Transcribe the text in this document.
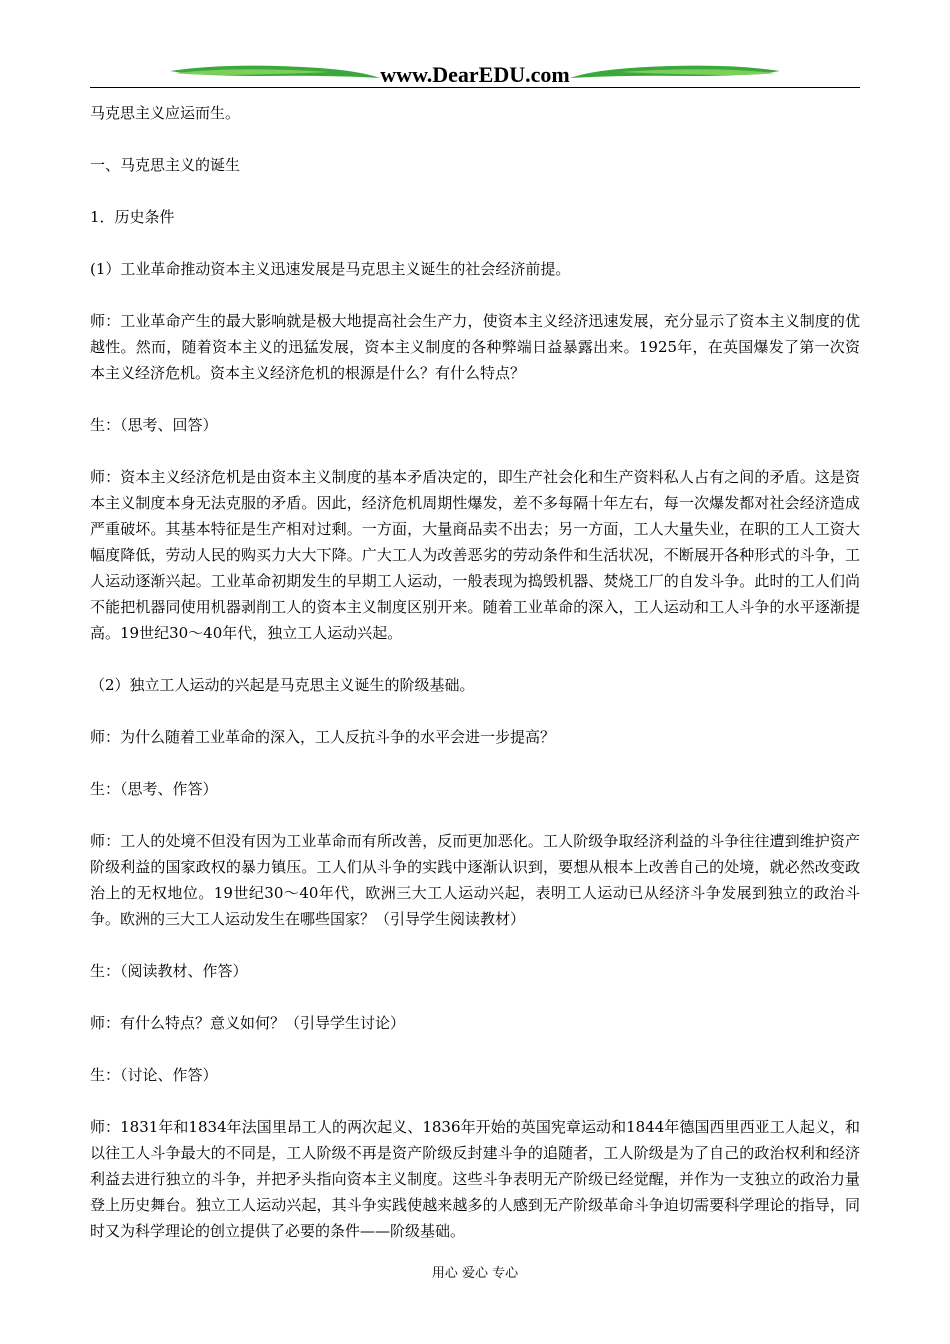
www.DearEDU.com

马克思主义应运而生。

一、马克思主义的诞生

1．历史条件

(1）工业革命推动资本主义迅速发展是马克思主义诞生的社会经济前提。

师：工业革命产生的最大影响就是极大地提高社会生产力，使资本主义经济迅速发展，充分显示了资本主义制度的优越性。然而，随着资本主义的迅猛发展，资本主义制度的各种弊端日益暴露出来。1925年，在英国爆发了第一次资本主义经济危机。资本主义经济危机的根源是什么？有什么特点？

生：（思考、回答）

师：资本主义经济危机是由资本主义制度的基本矛盾决定的，即生产社会化和生产资料私人占有之间的矛盾。这是资本主义制度本身无法克服的矛盾。因此，经济危机周期性爆发，差不多每隔十年左右，每一次爆发都对社会经济造成严重破坏。其基本特征是生产相对过剩。一方面，大量商品卖不出去；另一方面，工人大量失业，在职的工人工资大幅度降低，劳动人民的购买力大大下降。广大工人为改善恶劣的劳动条件和生活状况，不断展开各种形式的斗争，工人运动逐渐兴起。工业革命初期发生的早期工人运动，一般表现为捣毁机器、焚烧工厂的自发斗争。此时的工人们尚不能把机器同使用机器剥削工人的资本主义制度区别开来。随着工业革命的深入，工人运动和工人斗争的水平逐渐提高。19世纪30～40年代，独立工人运动兴起。

（2）独立工人运动的兴起是马克思主义诞生的阶级基础。

师：为什么随着工业革命的深入，工人反抗斗争的水平会进一步提高？

生：（思考、作答）

师：工人的处境不但没有因为工业革命而有所改善，反而更加恶化。工人阶级争取经济利益的斗争往往遭到维护资产阶级利益的国家政权的暴力镇压。工人们从斗争的实践中逐渐认识到，要想从根本上改善自己的处境，就必然改变政治上的无权地位。19世纪30～40年代，欧洲三大工人运动兴起，表明工人运动已从经济斗争发展到独立的政治斗争。欧洲的三大工人运动发生在哪些国家？（引导学生阅读教材）

生：（阅读教材、作答）

师：有什么特点？意义如何？（引导学生讨论）

生：（讨论、作答）

师：1831年和1834年法国里昂工人的两次起义、1836年开始的英国宪章运动和1844年德国西里西亚工人起义，和以往工人斗争最大的不同是，工人阶级不再是资产阶级反封建斗争的追随者，工人阶级是为了自己的政治权利和经济利益去进行独立的斗争，并把矛头指向资本主义制度。这些斗争表明无产阶级已经觉醒，并作为一支独立的政治力量登上历史舞台。独立工人运动兴起，其斗争实践使越来越多的人感到无产阶级革命斗争迫切需要科学理论的指导，同时又为科学理论的创立提供了必要的条件——阶级基础。

用心 爱心 专心
